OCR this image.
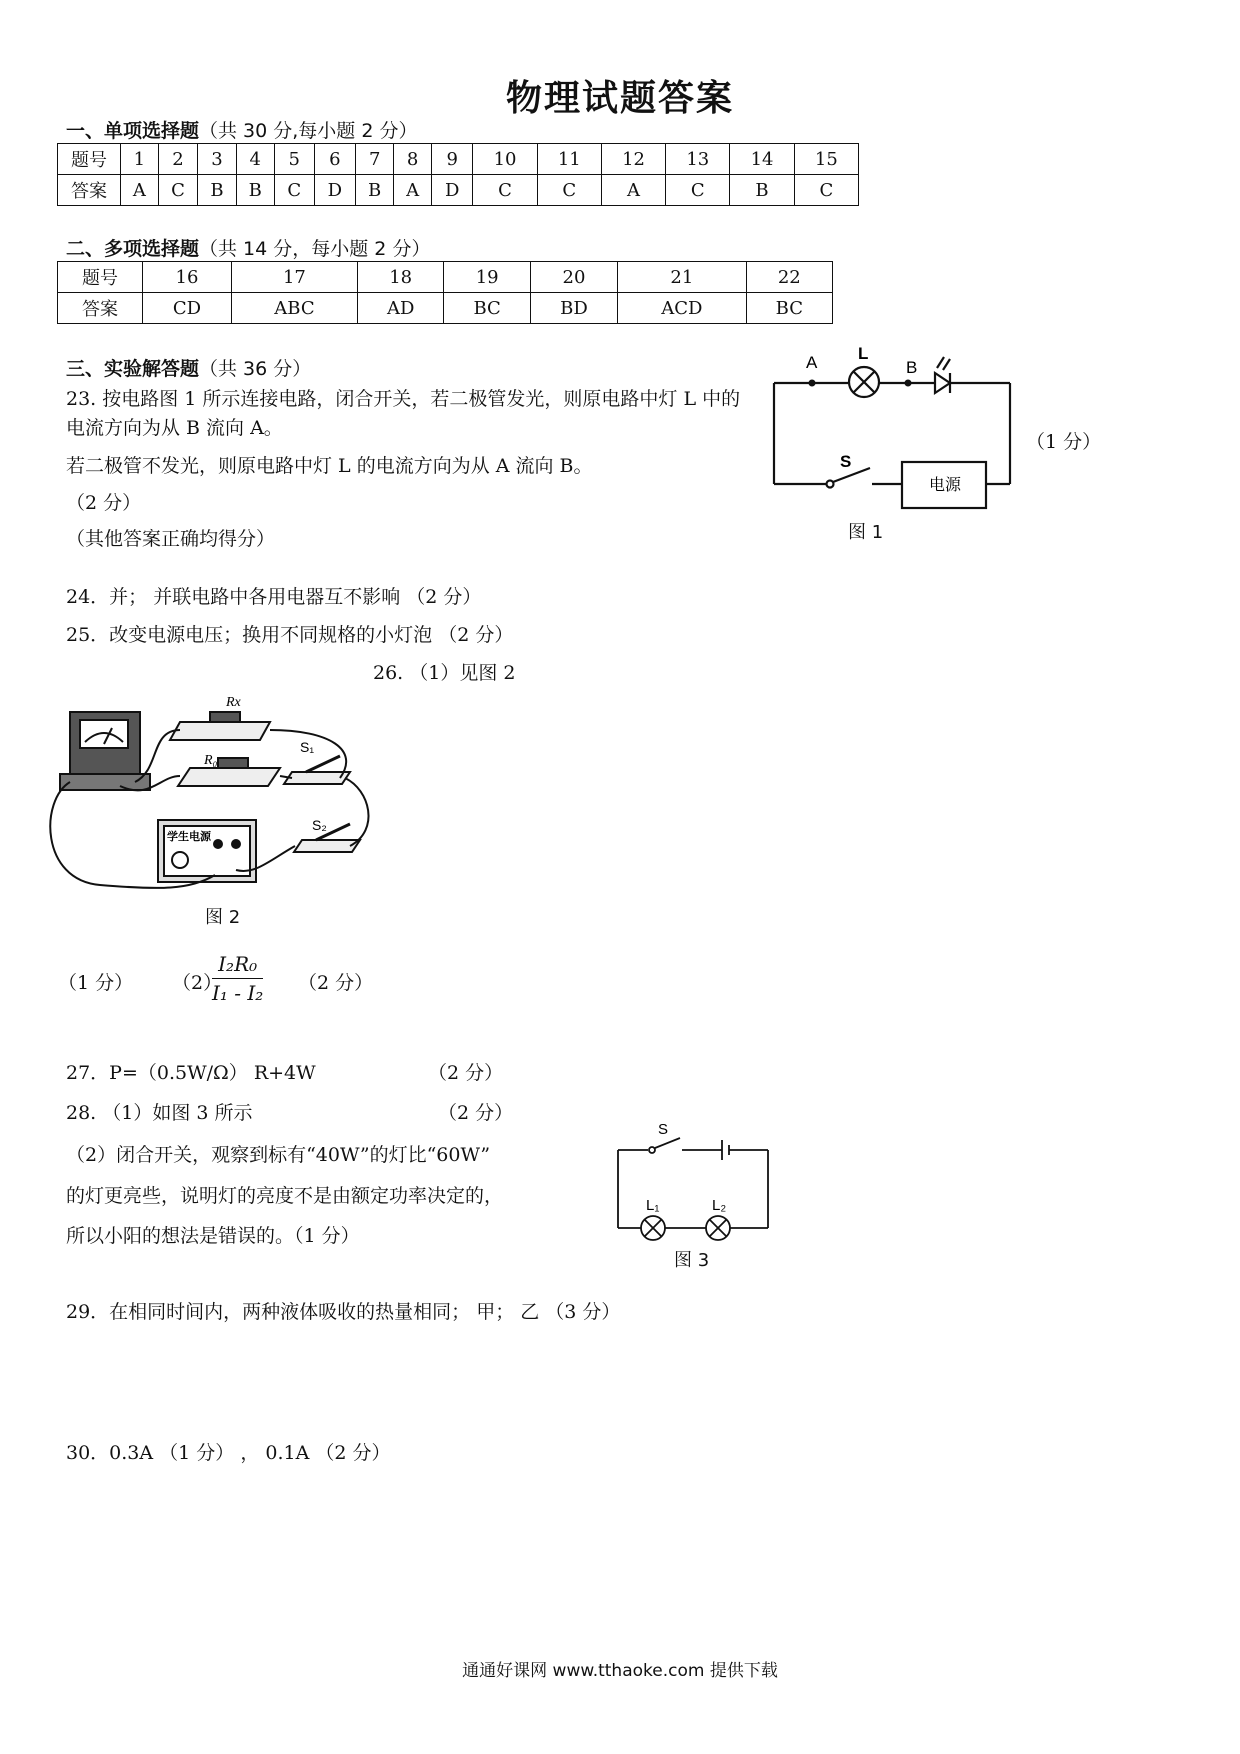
物理试题答案
一、单项选择题（共 30 分,每小题 2 分）
题号	1	2	3	4	5	6	7	8	9	10	11	12	13	14	15
答案	A	C	B	B	C	D	B	A	D	C	C	A	C	B	C
二、多项选择题（共 14 分，每小题 2 分）
题号	16	17	18	19	20	21	22
答案	CD	ABC	AD	BC	BD	ACD	BC
三、实验解答题（共 36 分）
23. 按电路图 1 所示连接电路，闭合开关，若二极管发光，则原电路中灯 L 中的
电流方向为从 B 流向 A。
若二极管不发光，则原电路中灯 L 的电流方向为从 A 流向 B。
（2 分）
（其他答案正确均得分）
A L
B
S
电源
图 1
（1 分）
24．并； 并联电路中各用电器互不影响 （2 分）
25．改变电源电压；换用不同规格的小灯泡 （2 分）
26. （1）见图 2
Rx
R₀
S₁
S₂
学生电源
图 2
（1 分） （2）
$\frac{\text{I₂R₀}}{\text{I₁ - I₂}} (2$ 分）
27．P=（0.5W/Ω） R+4W	（2 分）
28. （1）如图 3 所示	（2 分）
（2）闭合开关，观察到标有“40W”的灯比“60W”
的灯更亮些，说明灯的亮度不是由额定功率决定的，
所以小阳的想法是错误的。（1 分）
S
L₁	L₂
图 3
29．在相同时间内，两种液体吸收的热量相同； 甲； 乙 （3 分）
30．0.3A （1 分） ， 0.1A （2 分）
通通好课网 www.tthaoke.com 提供下载
